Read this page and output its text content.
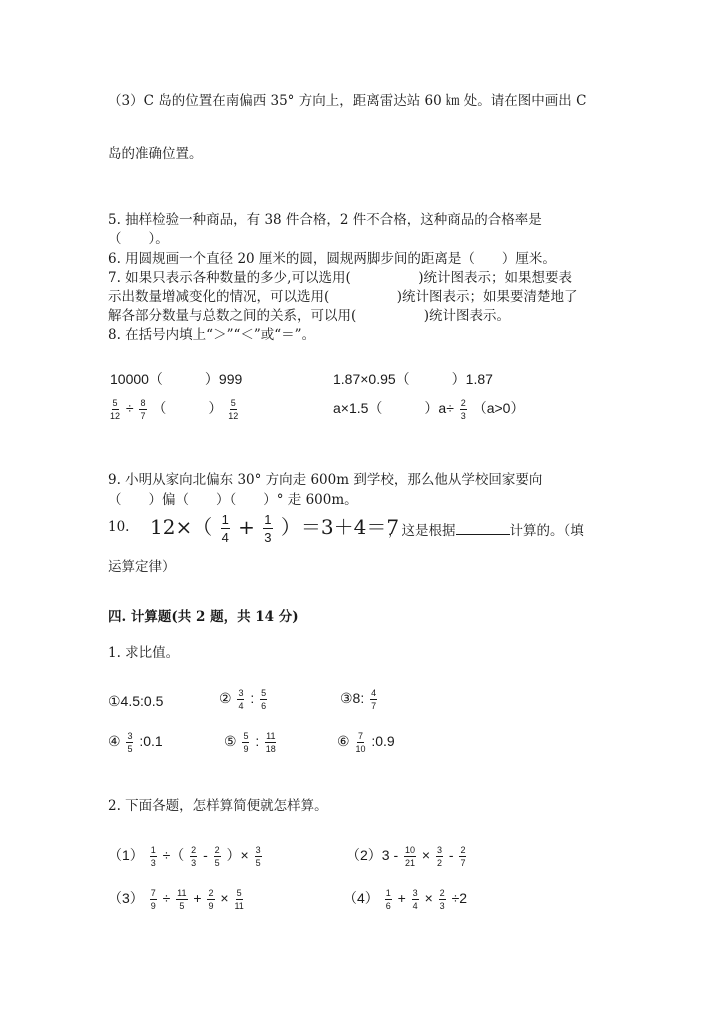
（3）C 岛的位置在南偏西 35° 方向上，距离雷达站 60 ㎞ 处。请在图中画出 C
岛的准确位置。
5. 抽样检验一种商品，有 38 件合格，2 件不合格，这种商品的合格率是
（　　）。
6. 用圆规画一个直径 20 厘米的圆，圆规两脚步间的距离是（　　）厘米。
7. 如果只表示各种数量的多少,可以选用(　　　　　)统计图表示；如果想要表
示出数量增减变化的情况，可以选用(　　　　　)统计图表示；如果要清楚地了
解各部分数量与总数之间的关系，可以用(　　　　　)统计图表示。
8. 在括号内填上“＞”“＜”或“＝”。
10000（　　　）999	1.87×0.95（　　　）1.87
$\frac{5}{12} \div \frac{8}{7}$ （　　　） $\frac{5}{12}$	a×1.5（　　　）$a\div \frac{2}{3} (a>0)$
9. 小明从家向北偏东 30° 方向走 600m 到学校，那么他从学校回家要向
（　　）偏（　　）（　　）° 走 600m。
10. $12\times( \frac{1}{4} + \frac{1}{3} )=3+4=7$
，这是根据	计算的。（填
运算定律）
四. 计算题(共 2 题，共 14 分)
1. 求比值。
①4.5:0.5	② $\frac{3}{4}$ : $\frac{5}{6}$	③8: $\frac{4}{7}$
④ $\frac{3}{5}$ :0.1	⑤ $\frac{5}{9}$ : $\frac{11}{18}$	⑥ $\frac{7}{10}$ :0.9
2. 下面各题，怎样算简便就怎样算。
$(1) \frac{1}{3}$ ÷（ $\frac{2}{3} - \frac{2}{5}$ ）× $\frac{3}{5}$	$(2)3 - \frac{10}{21} \times \frac{3}{2} - \frac{2}{7}$
$(3) \frac{7}{9} \div \frac{11}{5} + \frac{2}{9} \times \frac{5}{11}$	$(4) \frac{1}{6} + \frac{3}{4} \times \frac{2}{3} \div 2$
